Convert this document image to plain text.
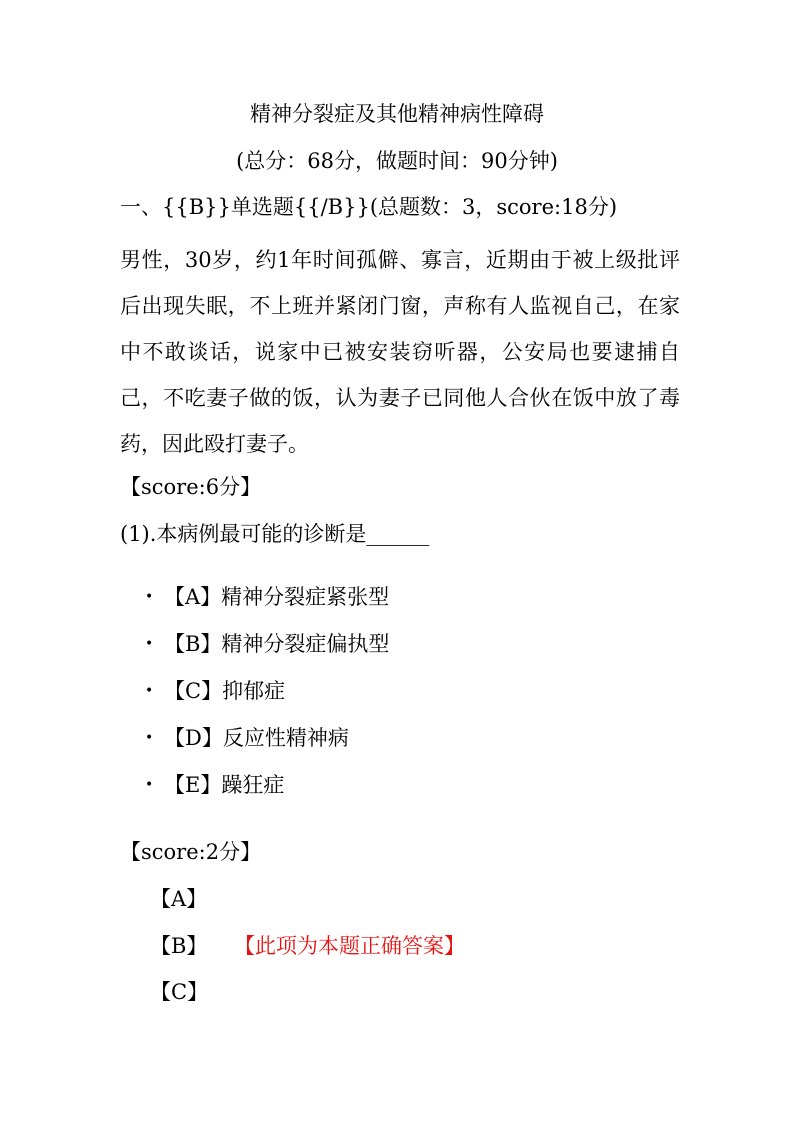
精神分裂症及其他精神病性障碍
(总分：68分，做题时间：90分钟)
一、{{B}}单选题{{/B}}(总题数：3，score:18分)
男性，30岁，约1年时间孤僻、寡言，近期由于被上级批评后出现失眠，不上班并紧闭门窗，声称有人监视自己，在家中不敢谈话，说家中已被安装窃听器，公安局也要逮捕自己，不吃妻子做的饭，认为妻子已同他人合伙在饭中放了毒药，因此殴打妻子。
【score:6分】
(1).本病例最可能的诊断是______
• 【A】精神分裂症紧张型
• 【B】精神分裂症偏执型
• 【C】抑郁症
• 【D】反应性精神病
• 【E】躁狂症
【score:2分】
【A】
【B】 【此项为本题正确答案】
【C】
